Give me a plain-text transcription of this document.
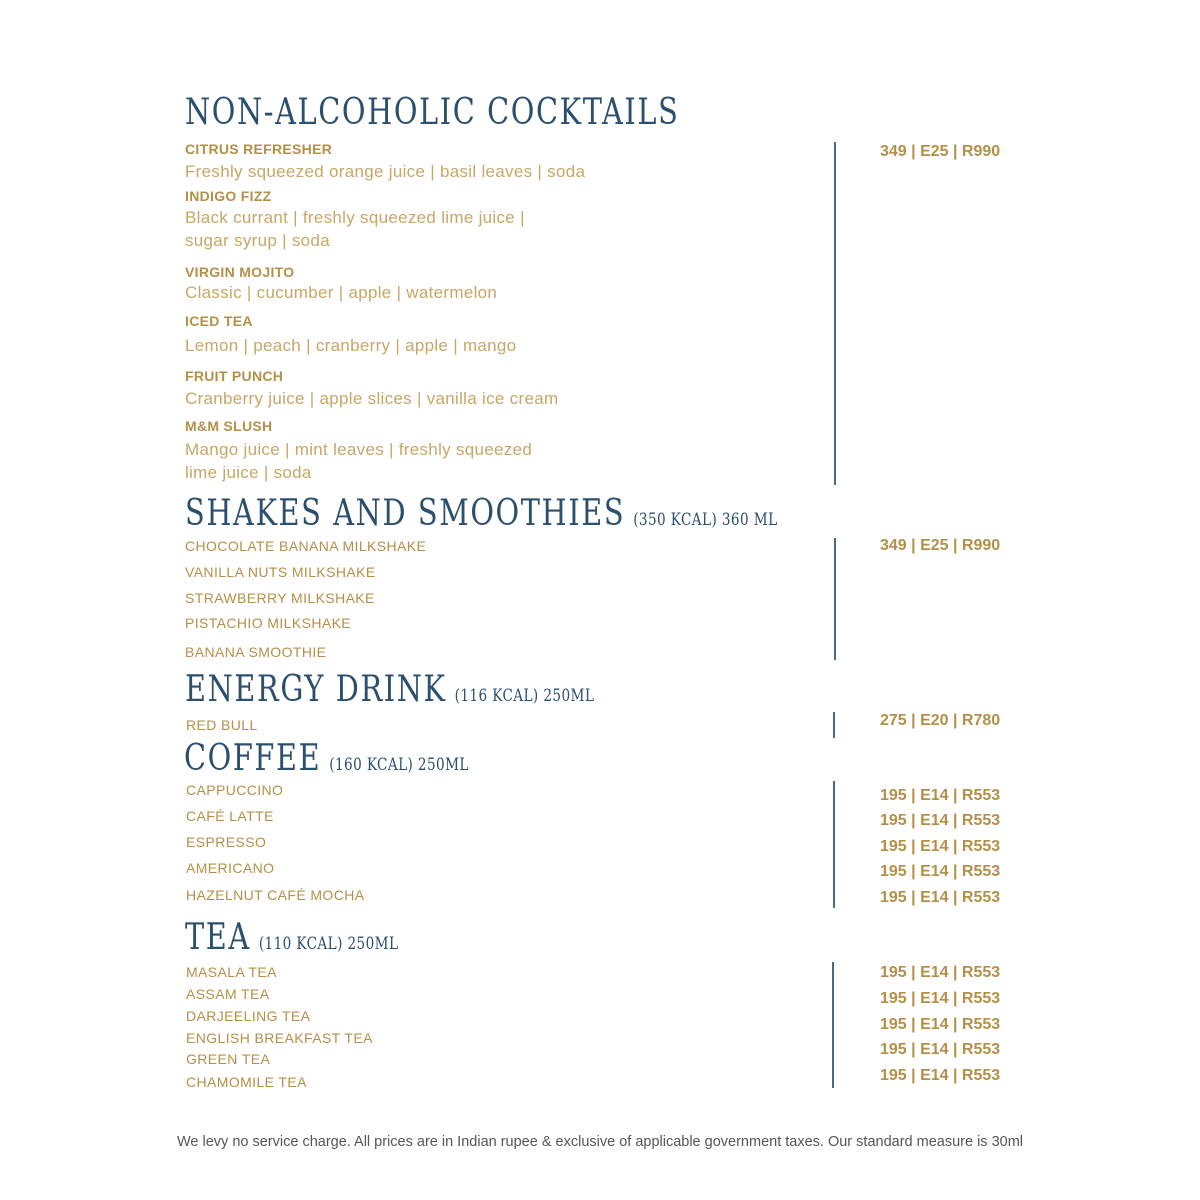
NON-ALCOHOLIC COCKTAILS
349 | E25 | R990
CITRUS REFRESHER
Freshly squeezed orange juice | basil leaves | soda
INDIGO FIZZ
Black currant | freshly squeezed lime juice |
sugar syrup | soda
VIRGIN MOJITO
Classic | cucumber | apple | watermelon
ICED TEA
Lemon | peach | cranberry | apple | mango
FRUIT PUNCH
Cranberry juice | apple slices | vanilla ice cream
M&M SLUSH
Mango juice | mint leaves | freshly squeezed
lime juice | soda
SHAKES AND SMOOTHIES (350 KCAL) 360 ML
349 | E25 | R990
CHOCOLATE BANANA MILKSHAKE
VANILLA NUTS MILKSHAKE
STRAWBERRY MILKSHAKE
PISTACHIO MILKSHAKE
BANANA SMOOTHIE
ENERGY DRINK (116 KCAL) 250ML
RED BULL	275 | E20 | R780
COFFEE (160 KCAL) 250ML
CAPPUCCINO
CAFÉ LATTE
ESPRESSO
AMERICANO
HAZELNUT CAFÉ MOCHA
195 | E14 | R553
195 | E14 | R553
195 | E14 | R553
195 | E14 | R553
195 | E14 | R553
TEA (110 KCAL) 250ML
MASALA TEA
ASSAM TEA
DARJEELING TEA
ENGLISH BREAKFAST TEA
GREEN TEA
CHAMOMILE TEA
195 | E14 | R553
195 | E14 | R553
195 | E14 | R553
195 | E14 | R553
195 | E14 | R553
We levy no service charge. All prices are in Indian rupee & exclusive of applicable government taxes. Our standard measure is 30ml
